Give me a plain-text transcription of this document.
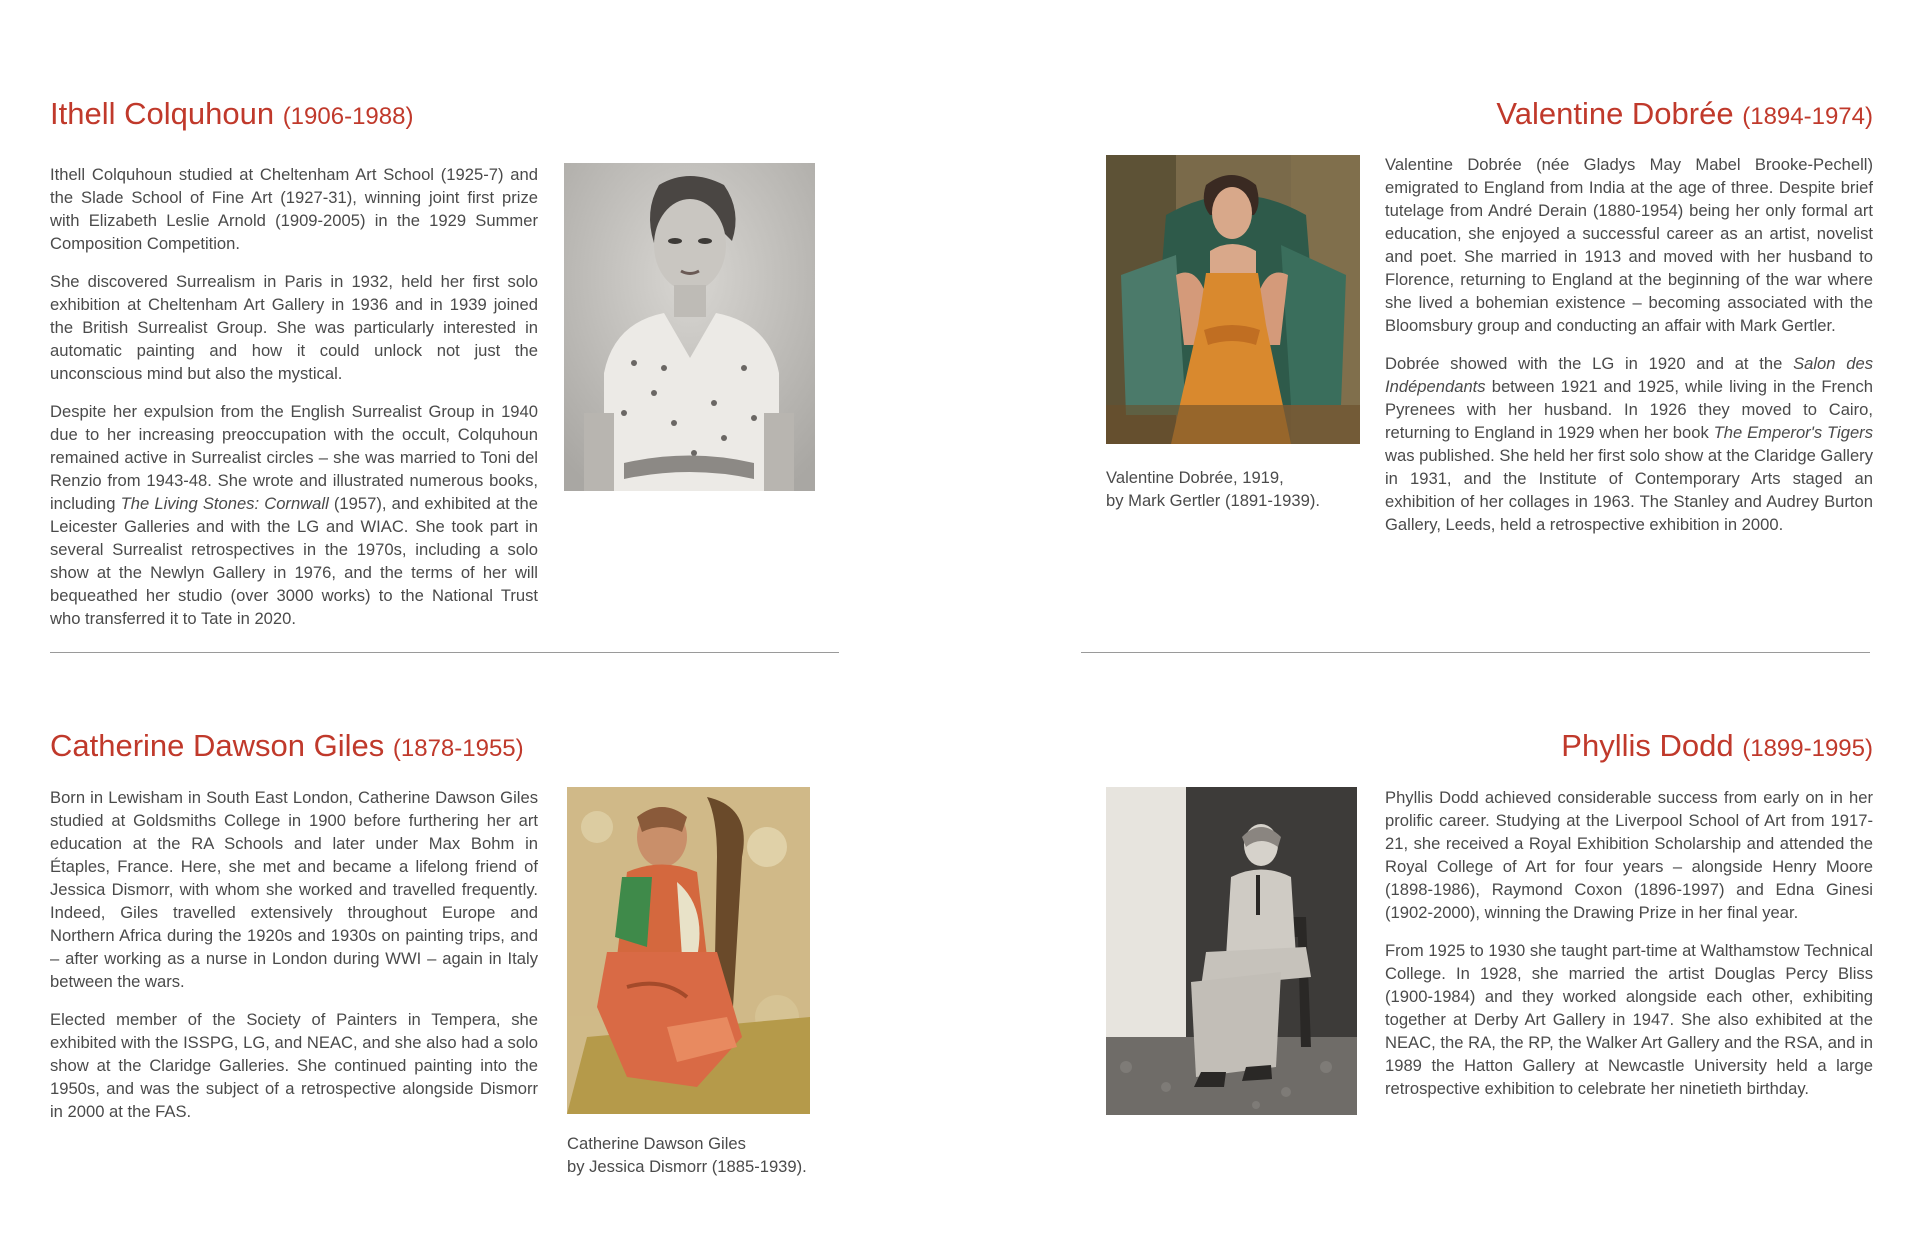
Ithell Colquhoun (1906-1988)

Ithell Colquhoun studied at Cheltenham Art School (1925-7) and the Slade School of Fine Art (1927-31), winning joint first prize with Elizabeth Leslie Arnold (1909-2005) in the 1929 Summer Composition Competition.

She discovered Surrealism in Paris in 1932, held her first solo exhibition at Cheltenham Art Gallery in 1936 and in 1939 joined the British Surrealist Group. She was particularly interested in automatic painting and how it could unlock not just the unconscious mind but also the mystical.

Despite her expulsion from the English Surrealist Group in 1940 due to her increasing preoccupation with the occult, Colquhoun remained active in Surrealist circles – she was married to Toni del Renzio from 1943-48. She wrote and illustrated numerous books, including The Living Stones: Cornwall (1957), and exhibited at the Leicester Galleries and with the LG and WIAC. She took part in several Surrealist retrospectives in the 1970s, including a solo show at the Newlyn Gallery in 1976, and the terms of her will bequeathed her studio (over 3000 works) to the National Trust who transferred it to Tate in 2020.

Valentine Dobrée (1894-1974)
Valentine Dobrée, 1919,
by Mark Gertler (1891-1939).

Valentine Dobrée (née Gladys May Mabel Brooke-Pechell) emigrated to England from India at the age of three. Despite brief tutelage from André Derain (1880-1954) being her only formal art education, she enjoyed a successful career as an artist, novelist and poet. She married in 1913 and moved with her husband to Florence, returning to England at the beginning of the war where she lived a bohemian existence – becoming associated with the Bloomsbury group and conducting an affair with Mark Gertler.

Dobrée showed with the LG in 1920 and at the Salon des Indépendants between 1921 and 1925, while living in the French Pyrenees with her husband. In 1926 they moved to Cairo, returning to England in 1929 when her book The Emperor's Tigers was published. She held her first solo show at the Claridge Gallery in 1931, and the Institute of Contemporary Arts staged an exhibition of her collages in 1963. The Stanley and Audrey Burton Gallery, Leeds, held a retrospective exhibition in 2000.

Catherine Dawson Giles (1878-1955)

Born in Lewisham in South East London, Catherine Dawson Giles studied at Goldsmiths College in 1900 before furthering her art education at the RA Schools and later under Max Bohm in Étaples, France. Here, she met and became a lifelong friend of Jessica Dismorr, with whom she worked and travelled frequently. Indeed, Giles travelled extensively throughout Europe and Northern Africa during the 1920s and 1930s on painting trips, and – after working as a nurse in London during WWI – again in Italy between the wars.

Elected member of the Society of Painters in Tempera, she exhibited with the ISSPG, LG, and NEAC, and she also had a solo show at the Claridge Galleries. She continued painting into the 1950s, and was the subject of a retrospective alongside Dismorr in 2000 at the FAS.

Catherine Dawson Giles
by Jessica Dismorr (1885-1939).
Phyllis Dodd (1899-1995)

Phyllis Dodd achieved considerable success from early on in her prolific career. Studying at the Liverpool School of Art from 1917-21, she received a Royal Exhibition Scholarship and attended the Royal College of Art for four years – alongside Henry Moore (1898-1986), Raymond Coxon (1896-1997) and Edna Ginesi (1902-2000), winning the Drawing Prize in her final year.

From 1925 to 1930 she taught part-time at Walthamstow Technical College. In 1928, she married the artist Douglas Percy Bliss (1900-1984) and they worked alongside each other, exhibiting together at Derby Art Gallery in 1947. She also exhibited at the NEAC, the RA, the RP, the Walker Art Gallery and the RSA, and in 1989 the Hatton Gallery at Newcastle University held a large retrospective exhibition to celebrate her ninetieth birthday.
